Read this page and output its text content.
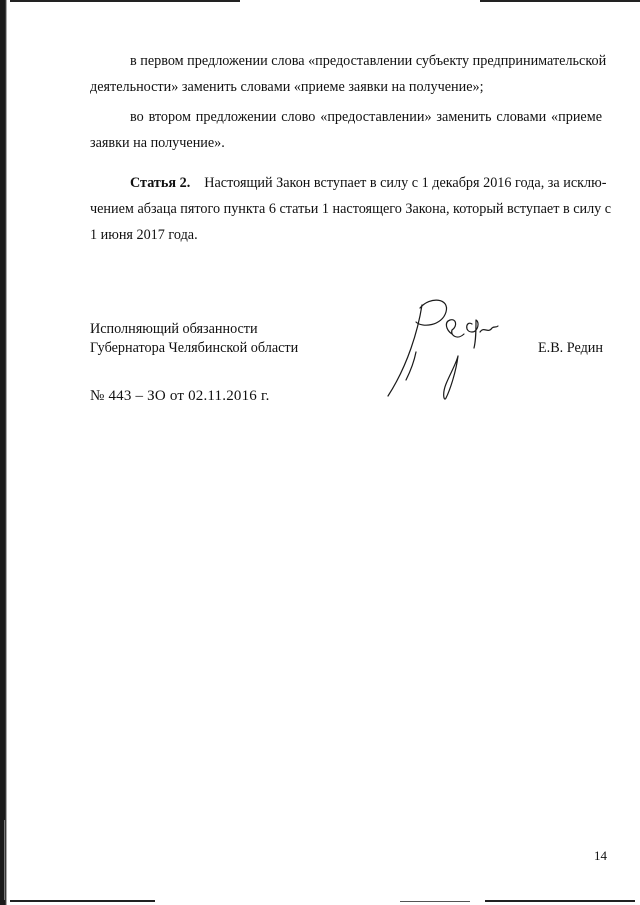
в первом предложении слова «предоставлении субъекту предпринимательской
деятельности» заменить словами «приеме заявки на получение»;
во втором предложении слово «предоставлении» заменить словами «приеме
заявки на получение».
Статья 2. Настоящий Закон вступает в силу с 1 декабря 2016 года, за исклю-
чением абзаца пятого пункта 6 статьи 1 настоящего Закона, который вступает в силу с
1 июня 2017 года.
Исполняющий обязанности
Губернатора Челябинской области	Е.В. Редин
№ 443 – ЗО от 02.11.2016 г.
14
